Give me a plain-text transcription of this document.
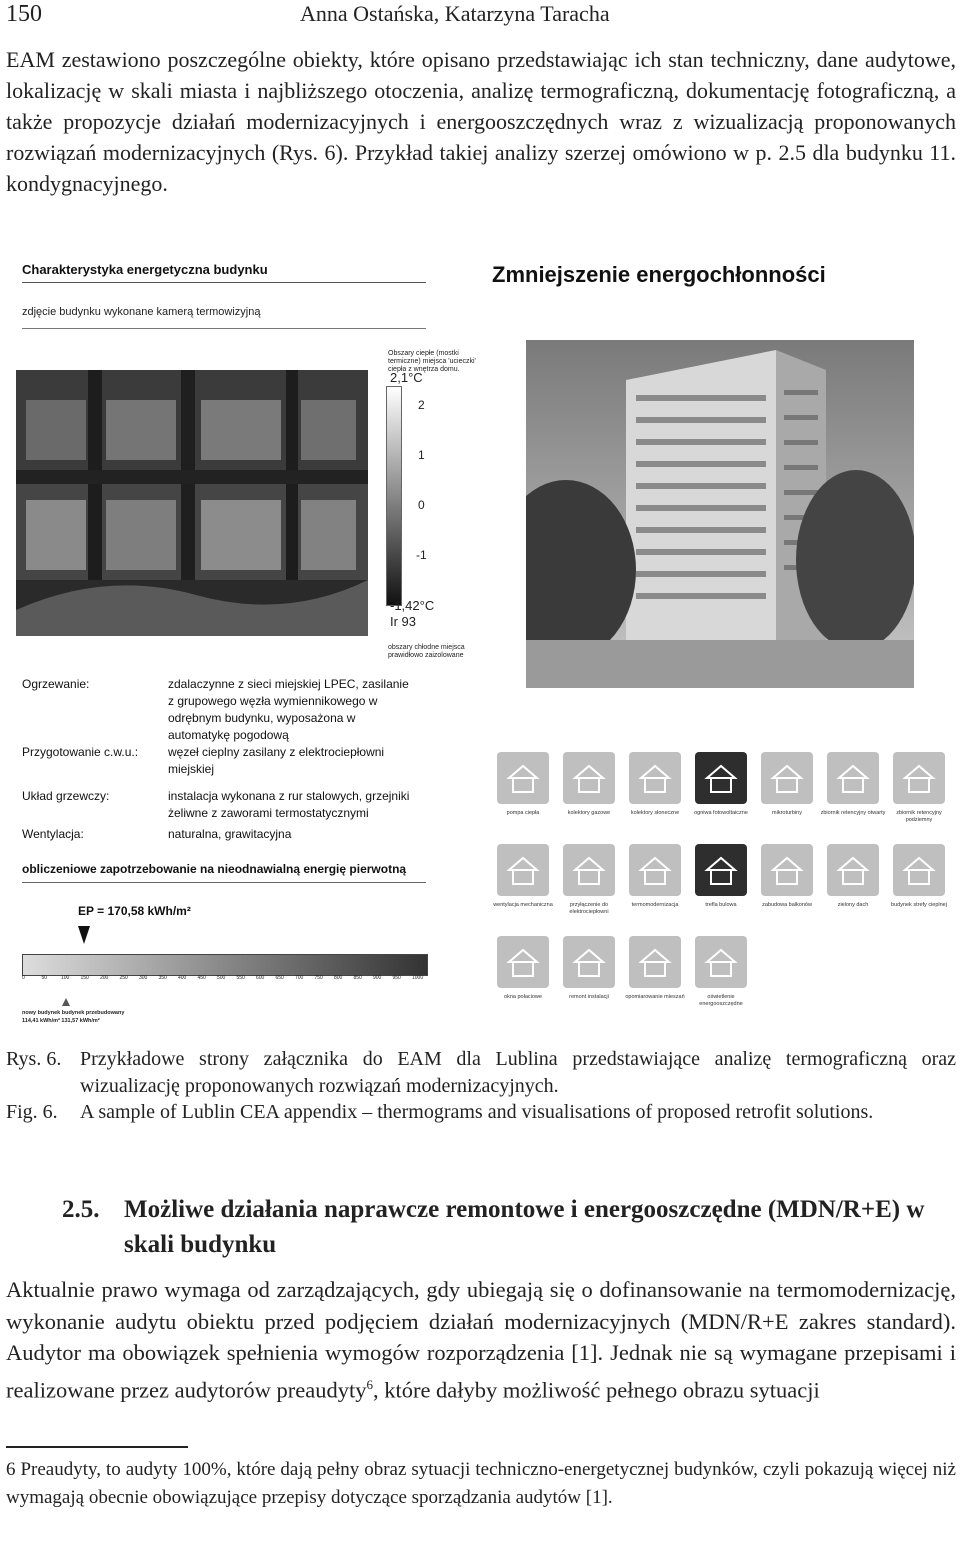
150	Anna Ostańska, Katarzyna Taracha

EAM zestawiono poszczególne obiekty, które opisano przedstawiając ich stan techniczny, dane audytowe, lokalizację w skali miasta i najbliższego otoczenia, analizę termograficzną, dokumentację fotograficzną, a także propozycje działań modernizacyjnych i energooszczędnych wraz z wizualizacją proponowanych rozwiązań modernizacyjnych (Rys. 6). Przykład takiej analizy szerzej omówiono w p. 2.5 dla budynku 11. kondygnacyjnego.

Charakterystyka energetyczna budynku
zdjęcie budynku wykonane kamerą termowizyjną
Zmniejszenie energochłonności
Obszary ciepłe (mostki termiczne) miejsca 'ucieczki' ciepła z wnętrza domu.
2,1°C
2
1
0
-1
-1,42°C
Ir 93
obszary chłodne miejsca prawidłowo zaizolowane
Ogrzewanie:	zdalaczynne z sieci miejskiej LPEC, zasilanie z grupowego węzła wymiennikowego w odrębnym budynku, wyposażona w automatykę pogodową
Przygotowanie c.w.u.:	węzeł cieplny zasilany z elektrociepłowni miejskiej
Układ grzewczy:	instalacja wykonana z rur stalowych, grzejniki żeliwne z zaworami termostatycznymi
Wentylacja:	naturalna, grawitacyjna
obliczeniowe zapotrzebowanie na nieodnawialną energię pierwotną
EP = 170,58 kWh/m²
0	50	100 150 200 250 300 350 400 450 500 550 600 650 700 750 800 850 900 950 1000
nowy budynek budynek przebudowany
114,41 kWh/m² 131,57 kWh/m²
pompa ciepła	kolektory gazowe	kolektory słoneczne	ogniwa fotowoltaiczne	mikroturbiny	zbiornik retencyjny otwarty	zbiornik retencyjny podziemny
wentylacja mechaniczna	przyłączenie do elektrociepłowni
termomodernizacja	trefla bulowa	zabudowa balkonów	zielony dach	budynek strefy cieplnej
okna połaciowe	remont instalacji	opomiarowanie mieszań	oświetlenie energooszczędne
Rys. 6. Przykładowe strony załącznika do EAM dla Lublina przedstawiające analizę termograficzną oraz wizualizację proponowanych rozwiązań modernizacyjnych.
Fig. 6. A sample of Lublin CEA appendix – thermograms and visualisations of proposed retrofit solutions.
2.5. Możliwe działania naprawcze remontowe i energooszczędne (MDN/R+E) w skali budynku

Aktualnie prawo wymaga od zarządzających, gdy ubiegają się o dofinansowanie na termomodernizację, wykonanie audytu obiektu przed podjęciem działań modernizacyjnych (MDN/R+E zakres standard). Audytor ma obowiązek spełnienia wymogów rozporządzenia [1]. Jednak nie są wymagane przepisami i realizowane przez audytorów preaudyty$^6$, które dałyby możliwość pełnego obrazu sytuacji

6 Preaudyty, to audyty 100%, które dają pełny obraz sytuacji techniczno-energetycznej budynków, czyli pokazują więcej niż wymagają obecnie obowiązujące przepisy dotyczące sporządzania audytów [1].
